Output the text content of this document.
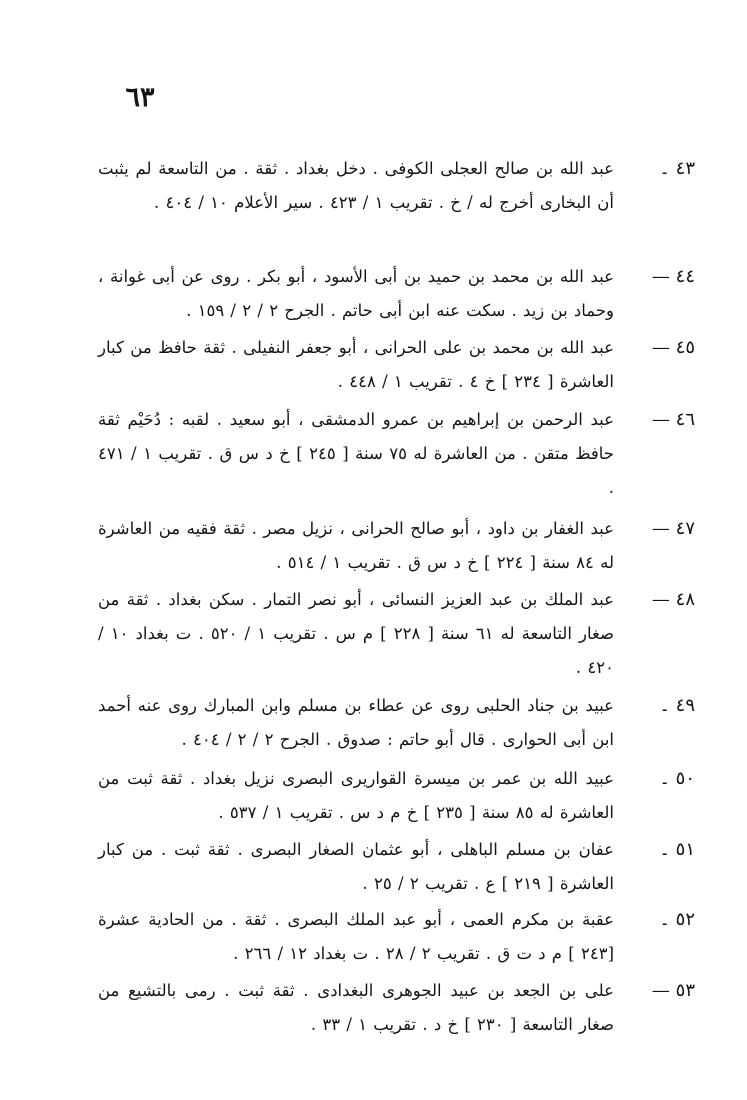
٦٣
٤٣ ۔
عبد الله بن صالح العجلى الكوفى . دخل بغداد . ثقة . من التاسعة لم يثبت أن البخارى أخرج له / خ . تقريب ١ / ٤٢٣ . سير الأعلام ١٠ / ٤٠٤ .
٤٤ —
عبد الله بن محمد بن حميد بن أبى الأسود ، أبو بكر . روى عن أبى غوانة ، وحماد بن زيد . سكت عنه ابن أبى حاتم . الجرح ٢ / ٢ / ١٥٩ .
٤٥ —
عبد الله بن محمد بن على الحرانى ، أبو جعفر النفيلى . ثقة حافظ من كبار العاشرة [ ٢٣٤ ] خ ٤ . تقريب ١ / ٤٤٨ .
٤٦ —
عبد الرحمن بن إبراهيم بن عمرو الدمشقى ، أبو سعيد . لقبه : دُحَيْم ثقة حافظ متقن . من العاشرة له ٧٥ سنة [ ٢٤٥ ] خ د س ق . تقريب ١ / ٤٧١ .
٤٧ —
عبد الغفار بن داود ، أبو صالح الحرانى ، نزيل مصر . ثقة فقيه من العاشرة له ٨٤ سنة [ ٢٢٤ ] خ د س ق . تقريب ١ / ٥١٤ .
٤٨ —
عبد الملك بن عبد العزيز النسائى ، أبو نصر التمار . سكن بغداد . ثقة من صغار التاسعة له ٦١ سنة [ ٢٢٨ ] م س . تقريب ١ / ٥٢٠ . ت بغداد ١٠ / ٤٢٠ .
٤٩ ۔
عبيد بن جناد الحلبى روى عن عطاء بن مسلم وابن المبارك روى عنه أحمد ابن أبى الحوارى . قال أبو حاتم : صدوق . الجرح ٢ / ٢ / ٤٠٤ .
٥٠ ۔
عبيد الله بن عمر بن ميسرة القواريرى البصرى نزيل بغداد . ثقة ثبت من العاشرة له ٨٥ سنة [ ٢٣٥ ] خ م د س . تقريب ١ / ٥٣٧ .
٥١ ۔
عفان بن مسلم الباهلى ، أبو عثمان الصغار البصرى . ثقة ثبت . من كبار العاشرة [ ٢١٩ ] ع . تقريب ٢ / ٢٥ .
٥٢ ۔
عقبة بن مكرم العمى ، أبو عبد الملك البصرى . ثقة . من الحادية عشرة [٢٤٣ ] م د ت ق . تقريب ٢ / ٢٨ . ت بغداد ١٢ / ٢٦٦ .
٥٣ —
على بن الجعد بن عبيد الجوهرى البغدادى . ثقة ثبت . رمى بالتشيع من صغار التاسعة [ ٢٣٠ ] خ د . تقريب ١ / ٣٣ .
